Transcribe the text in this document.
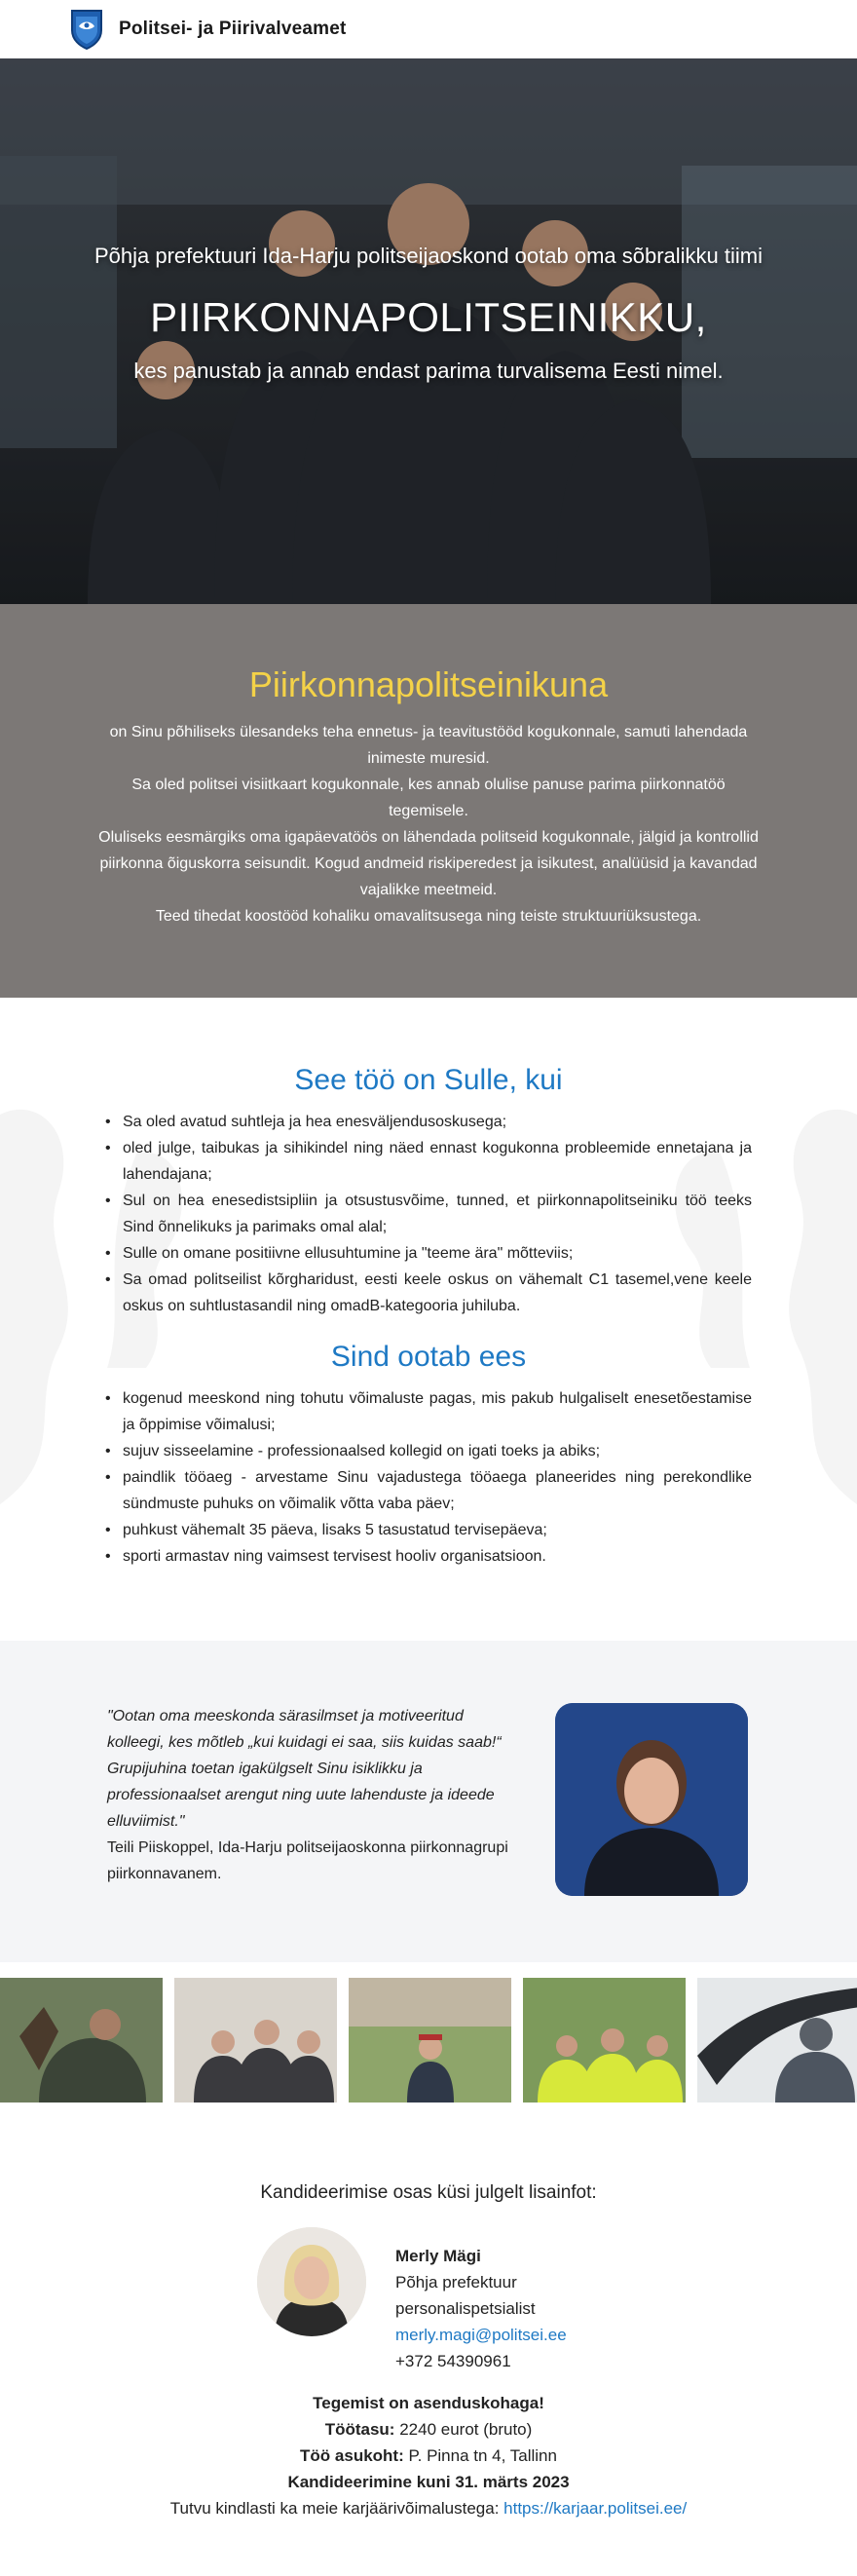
Politsei- ja Piirivalveamet
Põhja prefektuuri Ida-Harju politseijaoskond ootab oma sõbralikku tiimi
PIIRKONNAPOLITSEINIKKU,
kes panustab ja annab endast parima turvalisema Eesti nimel.
Piirkonnapolitseinikuna

on Sinu põhiliseks ülesandeks teha ennetus- ja teavitustööd kogukonnale, samuti lahendada inimeste muresid.

Sa oled politsei visiitkaart kogukonnale, kes annab olulise panuse parima piirkonnatöö tegemisele.

Oluliseks eesmärgiks oma igapäevatöös on lähendada politseid kogukonnale, jälgid ja kontrollid piirkonna õiguskorra seisundit. Kogud andmeid riskiperedest ja isikutest, analüüsid ja kavandad vajalikke meetmeid.

Teed tihedat koostööd kohaliku omavalitsusega ning teiste struktuuriüksustega.

See töö on Sulle, kui
• Sa oled avatud suhtleja ja hea enesväljendusoskusega;
• oled julge, taibukas ja sihikindel ning näed ennast kogukonna probleemide ennetajana ja lahendajana;
• Sul on hea enesedistsipliin ja otsustusvõime, tunned, et piirkonnapolitseiniku töö teeks Sind õnnelikuks ja parimaks omal alal;
• Sulle on omane positiivne ellusuhtumine ja "teeme ära" mõtteviis;
• Sa omad politseilist kõrgharidust, eesti keele oskus on vähemalt C1 tasemel,vene keele oskus on suhtlustasandil ning omadB-kategooria juhiluba.
Sind ootab ees
• kogenud meeskond ning tohutu võimaluste pagas, mis pakub hulgaliselt enesetõestamise ja õppimise võimalusi;
• sujuv sisseelamine - professionaalsed kollegid on igati toeks ja abiks;
• paindlik tööaeg - arvestame Sinu vajadustega tööaega planeerides ning perekondlike sündmuste puhuks on võimalik võtta vaba päev;
• puhkust vähemalt 35 päeva, lisaks 5 tasustatud tervisepäeva;
• sporti armastav ning vaimsest tervisest hooliv organisatsioon.
"Ootan oma meeskonda särasilmset ja motiveeritud kolleegi, kes mõtleb „kui kuidagi ei saa, siis kuidas saab!“ Grupijuhina toetan igakülgselt Sinu isiklikku ja professionaalset arengut ning uute lahenduste ja ideede elluviimist."
Teili Piiskoppel, Ida-Harju politseijaoskonna piirkonnagrupi piirkonnavanem.
Kandideerimise osas küsi julgelt lisainfot:
Merly Mägi
Põhja prefektuur
personalispetsialist
merly.magi@politsei.ee
+372 54390961
Tegemist on asenduskohaga!
Töötasu: 2240 eurot (bruto)
Töö asukoht: P. Pinna tn 4, Tallinn
Kandideerimine kuni 31. märts 2023
Tutvu kindlasti ka meie karjäärivõimalustega: https://karjaar.politsei.ee/
